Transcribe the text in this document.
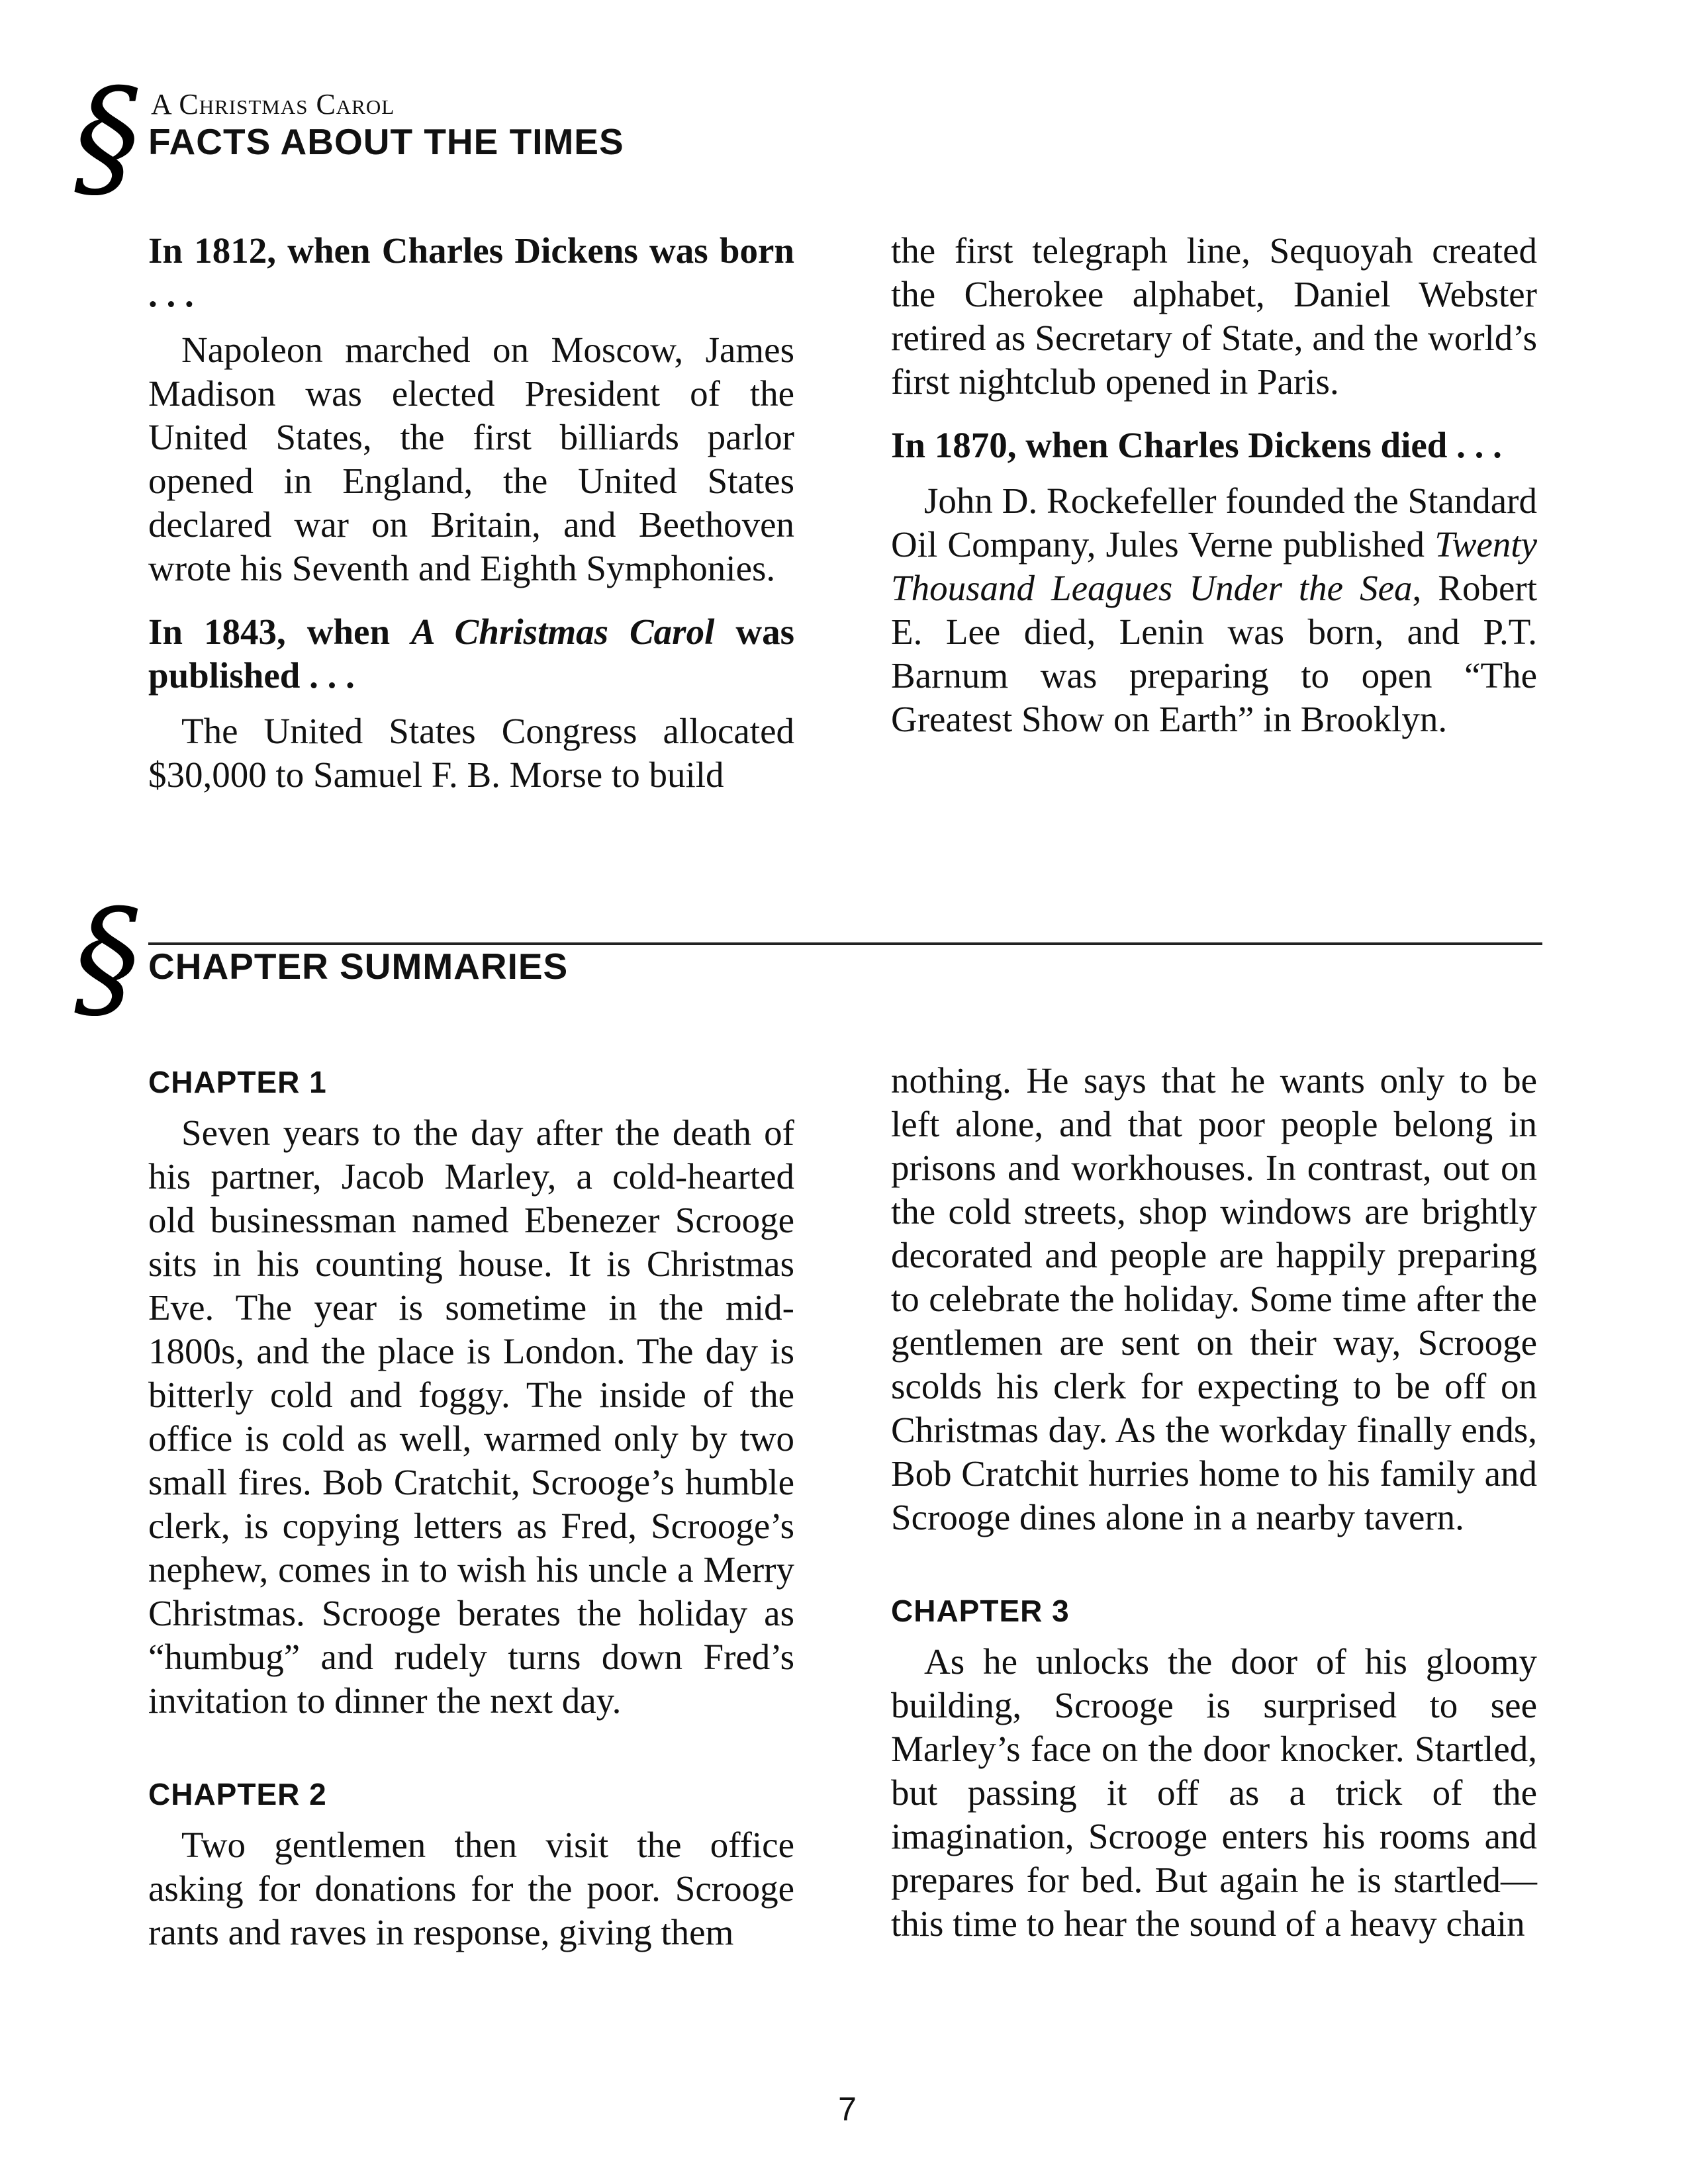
§ A Christmas Carol
FACTS ABOUT THE TIMES
In 1812, when Charles Dickens was born . . .

Napoleon marched on Moscow, James Madison was elected President of the United States, the first billiards parlor opened in England, the United States declared war on Britain, and Beethoven wrote his Seventh and Eighth Symphonies.

In 1843, when A Christmas Carol was published . . .

The United States Congress allocated $30,000 to Samuel F. B. Morse to build

the first telegraph line, Sequoyah created the Cherokee alphabet, Daniel Webster retired as Secretary of State, and the world’s first nightclub opened in Paris.

In 1870, when Charles Dickens died . . .

John D. Rockefeller founded the Standard Oil Company, Jules Verne published Twenty Thousand Leagues Under the Sea, Robert E. Lee died, Lenin was born, and P.T. Barnum was preparing to open “The Greatest Show on Earth” in Brooklyn.

§ CHAPTER SUMMARIES
CHAPTER 1

Seven years to the day after the death of his partner, Jacob Marley, a cold-hearted old businessman named Ebenezer Scrooge sits in his counting house. It is Christmas Eve. The year is sometime in the mid-1800s, and the place is London. The day is bitterly cold and foggy. The inside of the office is cold as well, warmed only by two small fires. Bob Cratchit, Scrooge’s humble clerk, is copying letters as Fred, Scrooge’s nephew, comes in to wish his uncle a Merry Christmas. Scrooge berates the holiday as “humbug” and rudely turns down Fred’s invitation to dinner the next day.

CHAPTER 2

Two gentlemen then visit the office asking for donations for the poor. Scrooge rants and raves in response, giving them

nothing. He says that he wants only to be left alone, and that poor people belong in prisons and workhouses. In contrast, out on the cold streets, shop windows are brightly decorated and people are happily preparing to celebrate the holiday. Some time after the gentlemen are sent on their way, Scrooge scolds his clerk for expecting to be off on Christmas day. As the workday finally ends, Bob Cratchit hurries home to his family and Scrooge dines alone in a nearby tavern.

CHAPTER 3

As he unlocks the door of his gloomy building, Scrooge is surprised to see Marley’s face on the door knocker. Startled, but passing it off as a trick of the imagination, Scrooge enters his rooms and prepares for bed. But again he is startled—this time to hear the sound of a heavy chain

7
